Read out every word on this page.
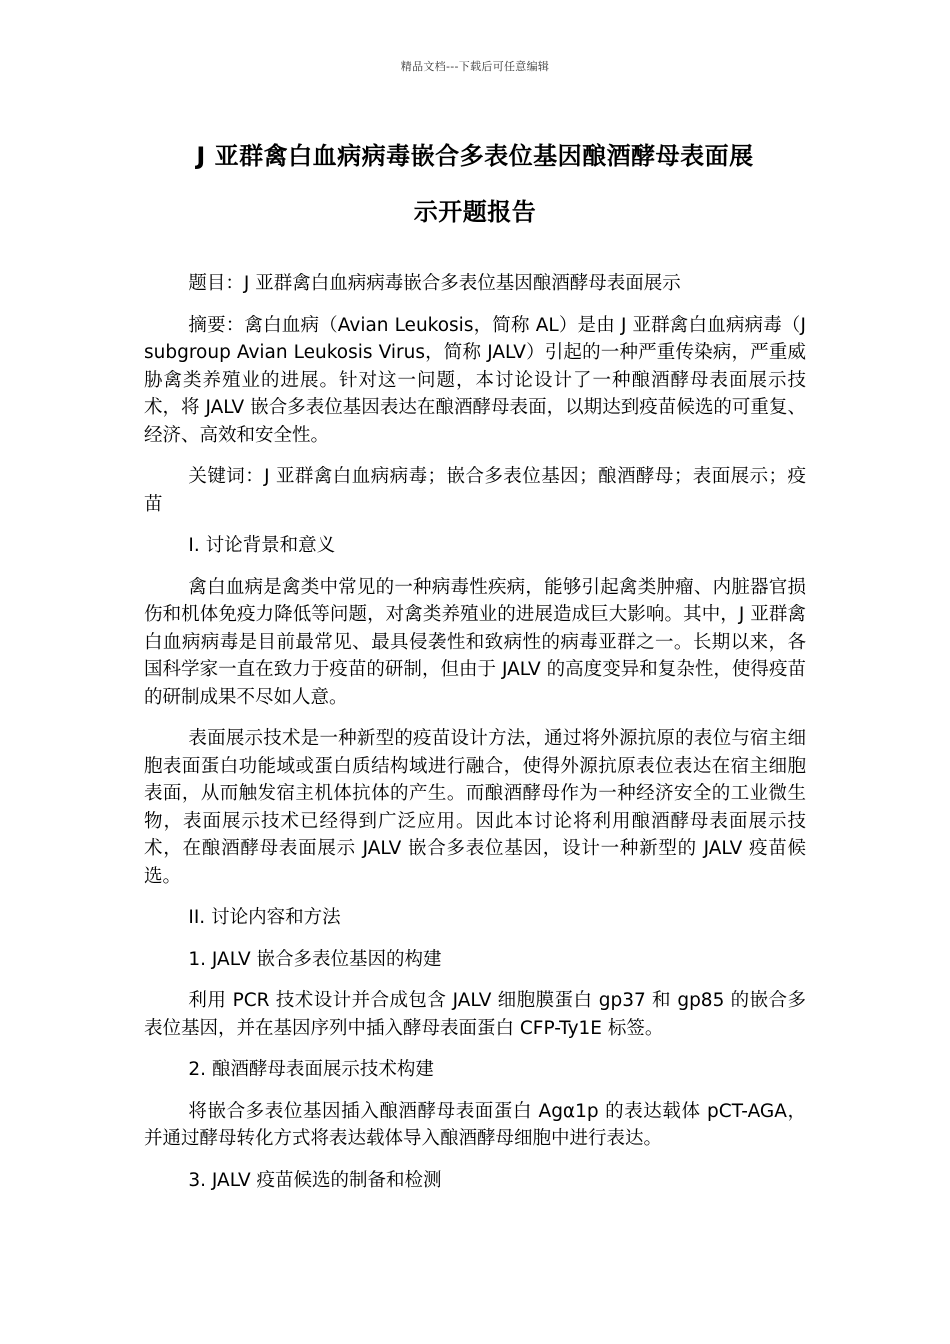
精品文档---下载后可任意编辑
J 亚群禽白血病病毒嵌合多表位基因酿酒酵母表面展
示开题报告

题目：J 亚群禽白血病病毒嵌合多表位基因酿酒酵母表面展示

摘要：禽白血病（Avian Leukosis，简称 AL）是由 J 亚群禽白血病病毒（J subgroup Avian Leukosis Virus，简称 JALV）引起的一种严重传染病，严重威胁禽类养殖业的进展。针对这一问题，本讨论设计了一种酿酒酵母表面展示技术，将 JALV 嵌合多表位基因表达在酿酒酵母表面，以期达到疫苗候选的可重复、经济、高效和安全性。

关键词：J 亚群禽白血病病毒；嵌合多表位基因；酿酒酵母；表面展示；疫苗

I. 讨论背景和意义

禽白血病是禽类中常见的一种病毒性疾病，能够引起禽类肿瘤、内脏器官损伤和机体免疫力降低等问题，对禽类养殖业的进展造成巨大影响。其中，J 亚群禽白血病病毒是目前最常见、最具侵袭性和致病性的病毒亚群之一。长期以来，各国科学家一直在致力于疫苗的研制，但由于 JALV 的高度变异和复杂性，使得疫苗的研制成果不尽如人意。

表面展示技术是一种新型的疫苗设计方法，通过将外源抗原的表位与宿主细胞表面蛋白功能域或蛋白质结构域进行融合，使得外源抗原表位表达在宿主细胞表面，从而触发宿主机体抗体的产生。而酿酒酵母作为一种经济安全的工业微生物，表面展示技术已经得到广泛应用。因此本讨论将利用酿酒酵母表面展示技术，在酿酒酵母表面展示 JALV 嵌合多表位基因，设计一种新型的 JALV 疫苗候选。

II. 讨论内容和方法

1. JALV 嵌合多表位基因的构建

利用 PCR 技术设计并合成包含 JALV 细胞膜蛋白 gp37 和 gp85 的嵌合多表位基因，并在基因序列中插入酵母表面蛋白 CFP-Ty1E 标签。

2. 酿酒酵母表面展示技术构建

将嵌合多表位基因插入酿酒酵母表面蛋白 Agα1p 的表达载体 pCT-AGA，并通过酵母转化方式将表达载体导入酿酒酵母细胞中进行表达。

3. JALV 疫苗候选的制备和检测
